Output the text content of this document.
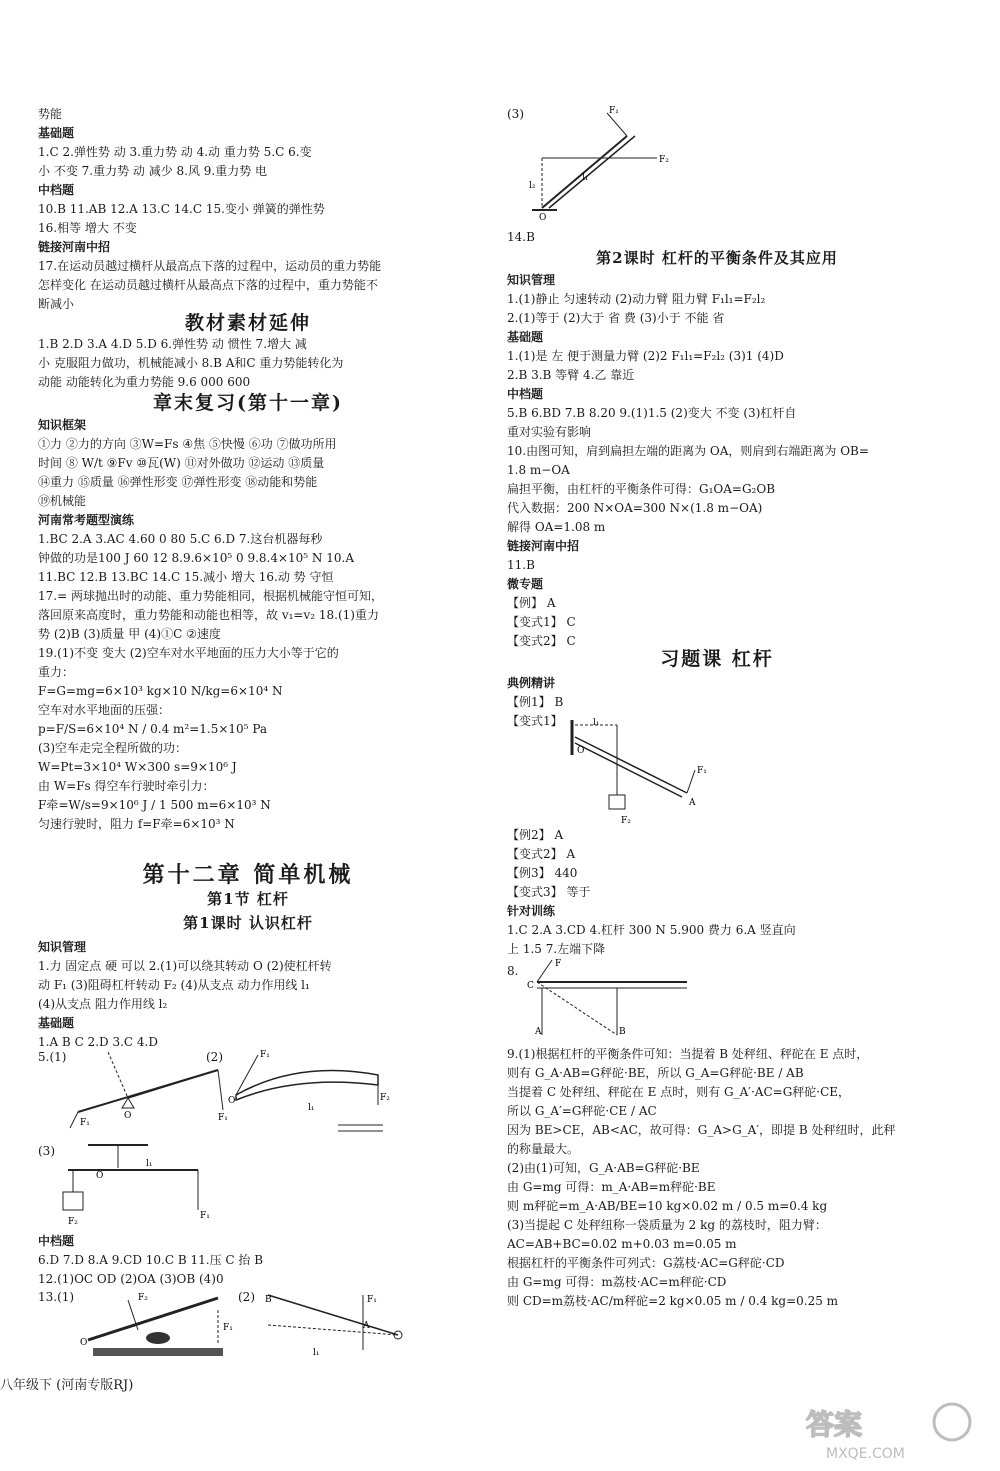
势能
基础题
1.C 2.弹性势 动 3.重力势 动 4.动 重力势 5.C 6.变
小 不变 7.重力势 动 减少 8.风 9.重力势 电
中档题
10.B 11.AB 12.A 13.C 14.C 15.变小 弹簧的弹性势
16.相等 增大 不变
链接河南中招
17.在运动员越过横杆从最高点下落的过程中，运动员的重力势能
怎样变化 在运动员越过横杆从最高点下落的过程中，重力势能不
断减小
教材素材延伸
1.B 2.D 3.A 4.D 5.D 6.弹性势 动 惯性 7.增大 减
小 克服阻力做功，机械能减小 8.B A和C 重力势能转化为
动能 动能转化为重力势能 9.6 000 600
章末复习(第十一章)
知识框架
①力 ②力的方向 ③W=Fs ④焦 ⑤快慢 ⑥功 ⑦做功所用
时间 ⑧ W/t ⑨Fv ⑩瓦(W) ⑪对外做功 ⑫运动 ⑬质量
⑭重力 ⑮质量 ⑯弹性形变 ⑰弹性形变 ⑱动能和势能
⑲机械能
河南常考题型演练
1.BC 2.A 3.AC 4.60 0 80 5.C 6.D 7.这台机器每秒
钟做的功是100 J 60 12 8.9.6×10⁵ 0 9.8.4×10⁵ N 10.A
11.BC 12.B 13.BC 14.C 15.减小 增大 16.动 势 守恒
17.= 两球抛出时的动能、重力势能相同，根据机械能守恒可知，
落回原来高度时，重力势能和动能也相等，故 v₁=v₂ 18.(1)重力
势 (2)B (3)质量 甲 (4)①C ②速度
19.(1)不变 变大 (2)空车对水平地面的压力大小等于它的
重力：
F=G=mg=6×10³ kg×10 N/kg=6×10⁴ N
空车对水平地面的压强：
p=F/S=6×10⁴ N / 0.4 m²=1.5×10⁵ Pa
(3)空车走完全程所做的功：
W=Pt=3×10⁴ W×300 s=9×10⁶ J
由 W=Fs 得空车行驶时牵引力：
F牵=W/s=9×10⁶ J / 1 500 m=6×10³ N
匀速行驶时，阻力 f=F牵=6×10³ N
第十二章 简单机械
第1节 杠杆
第1课时 认识杠杆
知识管理
1.力 固定点 硬 可以 2.(1)可以绕其转动 O (2)使杠杆转
动 F₁ (3)阻碍杠杆转动 F₂ (4)从支点 动力作用线 l₁
(4)从支点 阻力作用线 l₂
基础题
1.A B C 2.D 3.C 4.D
5.(1)
O	F₁
F₁
(2)
O
l₁
F₂
F₁
(3)
O
l₁
F₁
F₂
中档题
6.D 7.D 8.A 9.CD 10.C B 11.压 C 抬 B
12.(1)OC OD (2)OA (3)OB (4)0
13.(1)
O
F₂
F₁
(2)	B
A
l₁
F₁
(3)
O
l₂
l₁
F₁
F₂
14.B
第2课时 杠杆的平衡条件及其应用
知识管理
1.(1)静止 匀速转动 (2)动力臂 阻力臂 F₁l₁=F₂l₂
2.(1)等于 (2)大于 省 费 (3)小于 不能 省
基础题
1.(1)是 左 便于测量力臂 (2)2 F₁l₁=F₂l₂ (3)1 (4)D
2.B 3.B 等臂 4.乙 靠近
中档题
5.B 6.BD 7.B 8.20 9.(1)1.5 (2)变大 不变 (3)杠杆自
重对实验有影响
10.由图可知，肩到扁担左端的距离为 OA，则肩到右端距离为 OB=
1.8 m−OA
扁担平衡，由杠杆的平衡条件可得：G₁OA=G₂OB
代入数据：200 N×OA=300 N×(1.8 m−OA)
解得 OA=1.08 m
链接河南中招
11.B
微专题
【例】 A
【变式1】 C
【变式2】 C
习题课 杠杆
典例精讲
【例1】 B
【变式1】
O
l₁
A
F₁
F₂
【例2】 A
【变式2】 A
【例3】 440
【变式3】 等于
针对训练
1.C 2.A 3.CD 4.杠杆 300 N 5.900 费力 6.A 竖直向
上 1.5 7.左端下降
8.
C
A	B
F
9.(1)根据杠杆的平衡条件可知：当提着 B 处秤纽、秤砣在 E 点时，
则有 G_A·AB=G秤砣·BE，所以 G_A=G秤砣·BE / AB
当提着 C 处秤纽、秤砣在 E 点时，则有 G_A′·AC=G秤砣·CE，
所以 G_A′=G秤砣·CE / AC
因为 BE>CE，AB<AC，故可得：G_A>G_A′，即提 B 处秤纽时，此秤
的称量最大。
(2)由(1)可知，G_A·AB=G秤砣·BE
由 G=mg 可得：m_A·AB=m秤砣·BE
则 m秤砣=m_A·AB/BE=10 kg×0.02 m / 0.5 m=0.4 kg
(3)当提起 C 处秤纽称一袋质量为 2 kg 的荔枝时，阻力臂：
AC=AB+BC=0.02 m+0.03 m=0.05 m
根据杠杆的平衡条件可列式：G荔枝·AC=G秤砣·CD
由 G=mg 可得：m荔枝·AC=m秤砣·CD
则 CD=m荔枝·AC/m秤砣=2 kg×0.05 m / 0.4 kg=0.25 m
八年级下 (河南专版RJ)
答案
MXQE.COM
